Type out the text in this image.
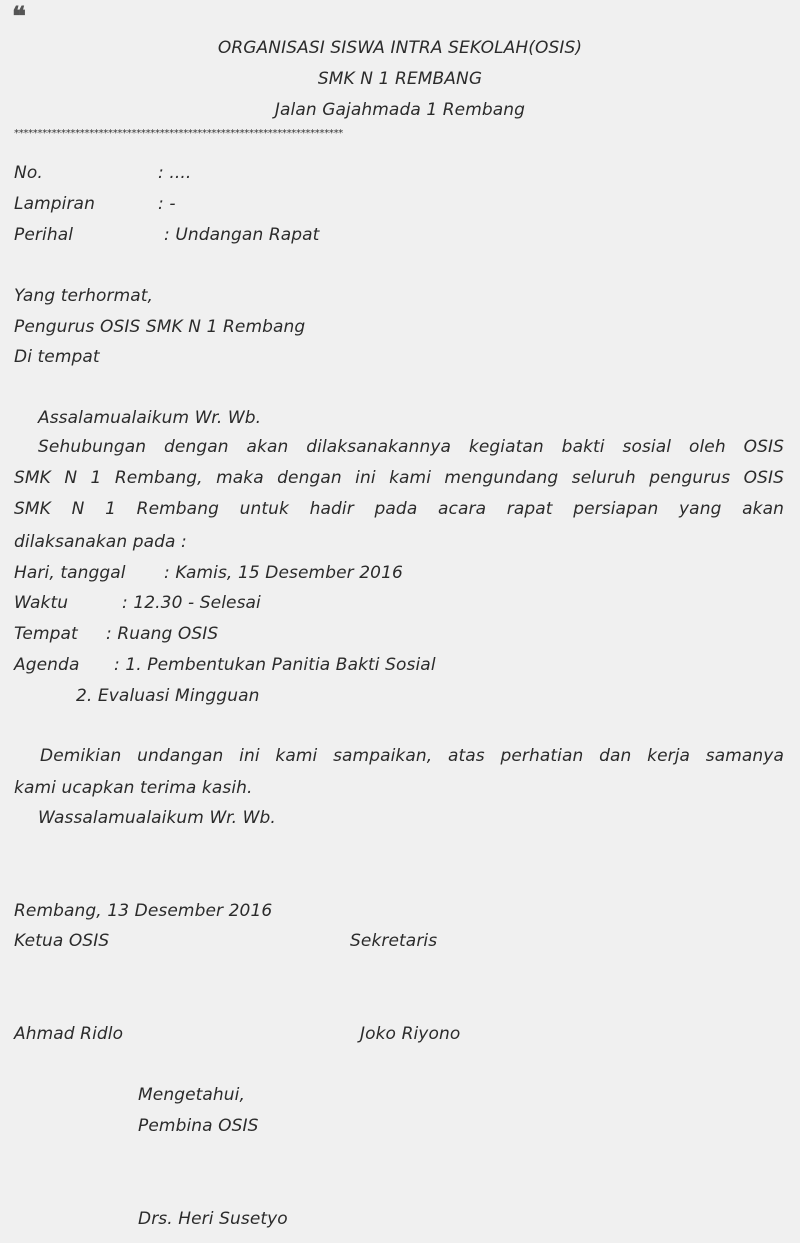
❝
ORGANISASI SISWA INTRA SEKOLAH(OSIS)
SMK N 1 REMBANG
Jalan Gajahmada 1 Rembang
**********************************************************************
No.	: ....
Lampiran	: -
Perihal	: Undangan Rapat
Yang terhormat,
Pengurus OSIS SMK N 1 Rembang
Di tempat
Assalamualaikum Wr. Wb.
Sehubungan dengan akan dilaksanakannya kegiatan bakti sosial oleh OSIS
SMK N 1 Rembang, maka dengan ini kami mengundang seluruh pengurus OSIS
SMK N 1 Rembang untuk hadir pada acara rapat persiapan yang akan
dilaksanakan pada :
Hari, tanggal : Kamis, 15 Desember 2016
Waktu	: 12.30 - Selesai
Tempat : Ruang OSIS
Agenda : 1. Pembentukan Panitia Bakti Sosial
2. Evaluasi Mingguan
Demikian undangan ini kami sampaikan, atas perhatian dan kerja samanya
kami ucapkan terima kasih.
Wassalamualaikum Wr. Wb.
Rembang, 13 Desember 2016
Ketua OSIS	Sekretaris
Ahmad Ridlo	Joko Riyono
Mengetahui,
Pembina OSIS
Drs. Heri Susetyo
